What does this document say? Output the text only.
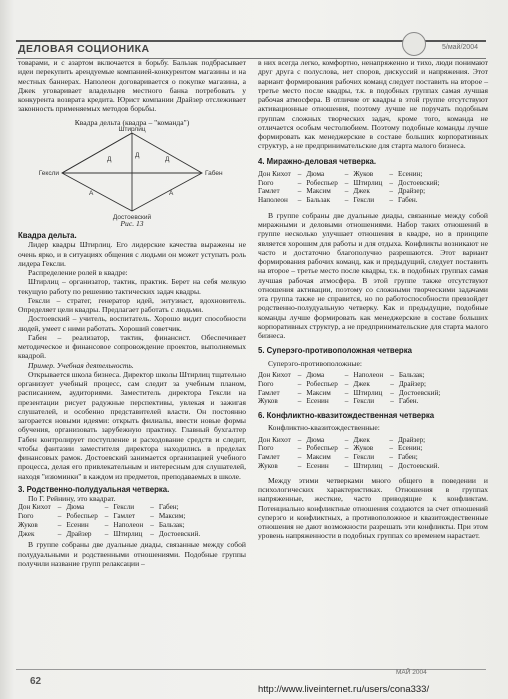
ДЕЛОВАЯ СОЦИОНИКА	5/май/2004

товарами, и с азартом включается в борьбу. Бальзак подбрасывает идеи перекупить арендуемые компанией-конкурентом магазины и на местных баннерах. Наполеон договаривается о покупке магазина, а Джек уговаривает владельцев местного банка потребовать у конкурента возврата кредита. Юрист компании Драйзер отслеживает законность применяемых методов борьбы.

Квадра дельта (квадра – "команда")
Штирлиц
Гексли	Габен
Достоевский
Д
Д
Д
А	А
Рис. 13

Квадра дельта.

Лидер квадры Штирлиц. Его лидерские качества выражены не очень ярко, и в ситуациях общения с людьми он может уступать роль лидера Гексли.

Распределение ролей в квадре:

Штирлиц – организатор, тактик, практик. Берет на себя мелкую текущую работу по решению тактических задач квадры.

Гексли – стратег, генератор идей, энтузиаст, вдохновитель. Определяет цели квадры. Предлагает работать с людьми.

Достоевский – учитель, воспитатель. Хорошо видит способности людей, умеет с ними работать. Хороший советчик.

Габен – реализатор, тактик, финансист. Обеспечивает методическое и финансовое сопровождение проектов, выполняемых квадрой.

Пример. Учебная деятельность.

Открывается школа бизнеса. Директор школы Штирлиц тщательно организует учебный процесс, сам следит за учебным планом, расписанием, аудиториями. Заместитель директора Гексли на презентации рисует радужные перспективы, увлекая и зажигая слушателей, и особенно представителей власти. Он постоянно загорается новыми идеями: открыть филиалы, ввести новые формы обучения, организовать зарубежную практику. Главный бухгалтер Габен контролирует поступление и расходование средств и следит, чтобы фантазии заместителя директора находились в пределах финансовых рамок. Достоевский занимается организацией учебного процесса, делая его привлекательным и интересным для слушателей, находя "изюминки" в каждом из предметов, преподаваемых в школе.

3. Родственно-полудуальная четверка.

По Г. Рейнину, это квадрат.

Дон Кихот	–	Дюма	–	Гексли	–	Габен;
Гюго	–	Робеспьер	–	Гамлет	–	Максим;
Жуков	–	Есенин	–	Наполеон	–	Бальзак;
Джек	–	Драйзер	–	Штирлиц	–	Достоевский.

В группе собраны две дуальные диады, связанные между собой полудуальными и родственными отношениями. Подобные группы получили название групп релаксации –

в них всегда легко, комфортно, ненапряженно и тихо, люди понимают друг друга с полуслова, нет споров, дискуссий и напряжения. Этот вариант формирования рабочих команд следует поставить на второе – третье место после квадры, т.к. в подобных группах самая лучшая рабочая атмосфера. В отличие от квадры в этой группе отсутствуют активационные отношения, поэтому лучше не поручать подобным группам сложных творческих задач, кроме того, команда не отличается особым честолюбием. Поэтому подобные команды лучше формировать как менеджерские в составе больших корпоративных структур, а не предпринимательские для старта малого бизнеса.

4. Миражно-деловая четверка.

Дон Кихот	–	Дюма	–	Жуков	–	Есенин;
Гюго	–	Робеспьер	–	Штирлиц	–	Достоевский;
Гамлет	–	Максим	–	Джек	–	Драйзер;
Наполеон	–	Бальзак	–	Гексли	–	Габен.

В группе собраны две дуальные диады, связанные между собой миражными и деловыми отношениями. Набор таких отношений в группе несколько улучшает отношения в квадре, но в принципе является хорошим для работы и для отдыха. Конфликты возникают не часто и достаточно благополучно разрешаются. Этот вариант формирования рабочих команд, как и предыдущий, следует поставить на второе – третье место после квадры, т.к. в подобных группах самая лучшая рабочая атмосфера. В этой группе также отсутствуют отношения активации, поэтому со сложными творческими задачами эта группа также не справится, но по работоспособности превзойдет родственно-полудуальную четверку. Как и предыдущие, подобные команды лучше формировать как менеджерские в составе больших корпоративных структур, а не предпринимательские для старта малого бизнеса.

5. Суперэго-противоположная четверка

Суперэго-противоположные:

Дон Кихот	–	Дюма	–	Наполеон	–	Бальзак;
Гюго	–	Робеспьер	–	Джек	–	Драйзер;
Гамлет	–	Максим	–	Штирлиц	–	Достоевский;
Жуков	–	Есенин	–	Гексли	–	Габен.

6. Конфликтно-квазитождественная четверка

Конфликтно-квазитождественные:

Дон Кихот	–	Дюма	–	Джек	–	Драйзер;
Гюго	–	Робеспьер	–	Жуков	–	Есенин;
Гамлет	–	Максим	–	Гексли	–	Габен;
Жуков	–	Есенин	–	Штирлиц	–	Достоевский.

Между этими четверками много общего в поведении и психологических характеристиках. Отношения в группах напряженные, жесткие, часто приводящие к конфликтам. Потенциально конфликтные отношения создаются за счет отношений суперэго и конфликтных, а противоположное и квазитождественные отношения не дают возможности разрешать эти конфликты. При этом уровень напряженности в подобных группах со временем нарастает.

62
МАЙ 2004
http://www.liveinternet.ru/users/cona333/
